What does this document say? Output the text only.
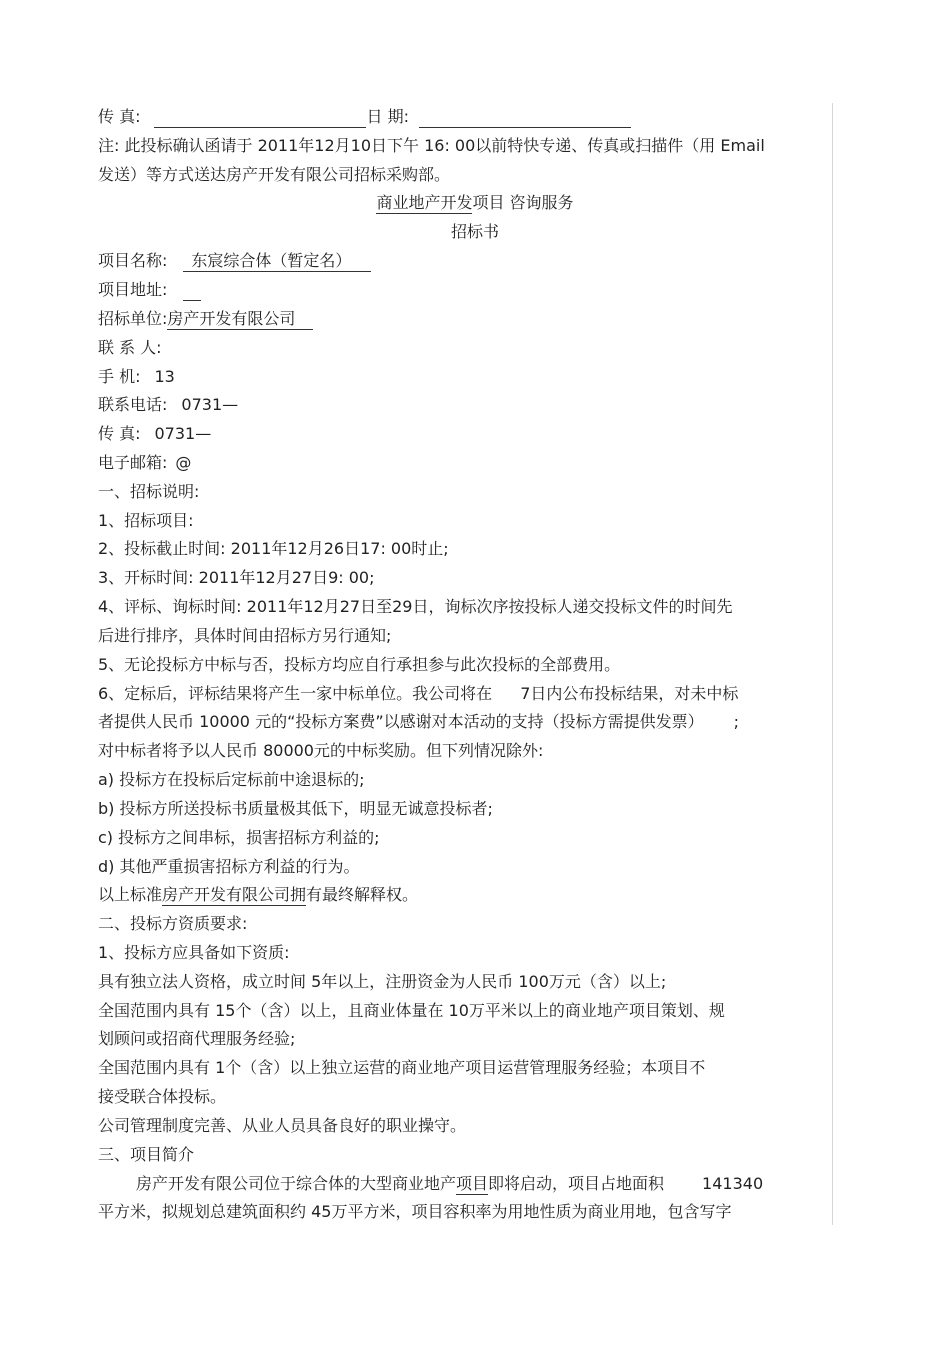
传 真:	日 期:
注: 此投标确认函请于 2011年12月10日下午 16: 00以前特快专递、传真或扫描件（用 Email
发送）等方式送达房产开发有限公司招标采购部。
商业地产开发项目 咨询服务
招标书
项目名称: 东宸综合体（暂定名）
项目地址:
招标单位:房产开发有限公司
联 系 人:
手 机: 13
联系电话: 0731—
传 真: 0731—
电子邮箱: @
一、招标说明:
1、招标项目:
2、投标截止时间: 2011年12月26日17: 00时止;
3、开标时间: 2011年12月27日9: 00;
4、评标、询标时间: 2011年12月27日至29日，询标次序按投标人递交投标文件的时间先
后进行排序，具体时间由招标方另行通知;
5、无论投标方中标与否，投标方均应自行承担参与此次投标的全部费用。
6、定标后，评标结果将产生一家中标单位。我公司将在 7日内公布投标结果，对未中标
者提供人民币 10000 元的“投标方案费”以感谢对本活动的支持（投标方需提供发票） ;
对中标者将予以人民币 80000元的中标奖励。但下列情况除外:
a) 投标方在投标后定标前中途退标的;
b) 投标方所送投标书质量极其低下，明显无诚意投标者;
c) 投标方之间串标，损害招标方利益的;
d) 其他严重损害招标方利益的行为。
以上标准房产开发有限公司拥有最终解释权。
二、投标方资质要求:
1、投标方应具备如下资质:
具有独立法人资格，成立时间 5年以上，注册资金为人民币 100万元（含）以上;
全国范围内具有 15个（含）以上，且商业体量在 10万平米以上的商业地产项目策划、规
划顾问或招商代理服务经验;
全国范围内具有 1个（含）以上独立运营的商业地产项目运营管理服务经验；本项目不
接受联合体投标。
公司管理制度完善、从业人员具备良好的职业操守。
三、项目简介
房产开发有限公司位于综合体的大型商业地产项目即将启动，项目占地面积 141340
平方米，拟规划总建筑面积约 45万平方米，项目容积率为用地性质为商业用地，包含写字
